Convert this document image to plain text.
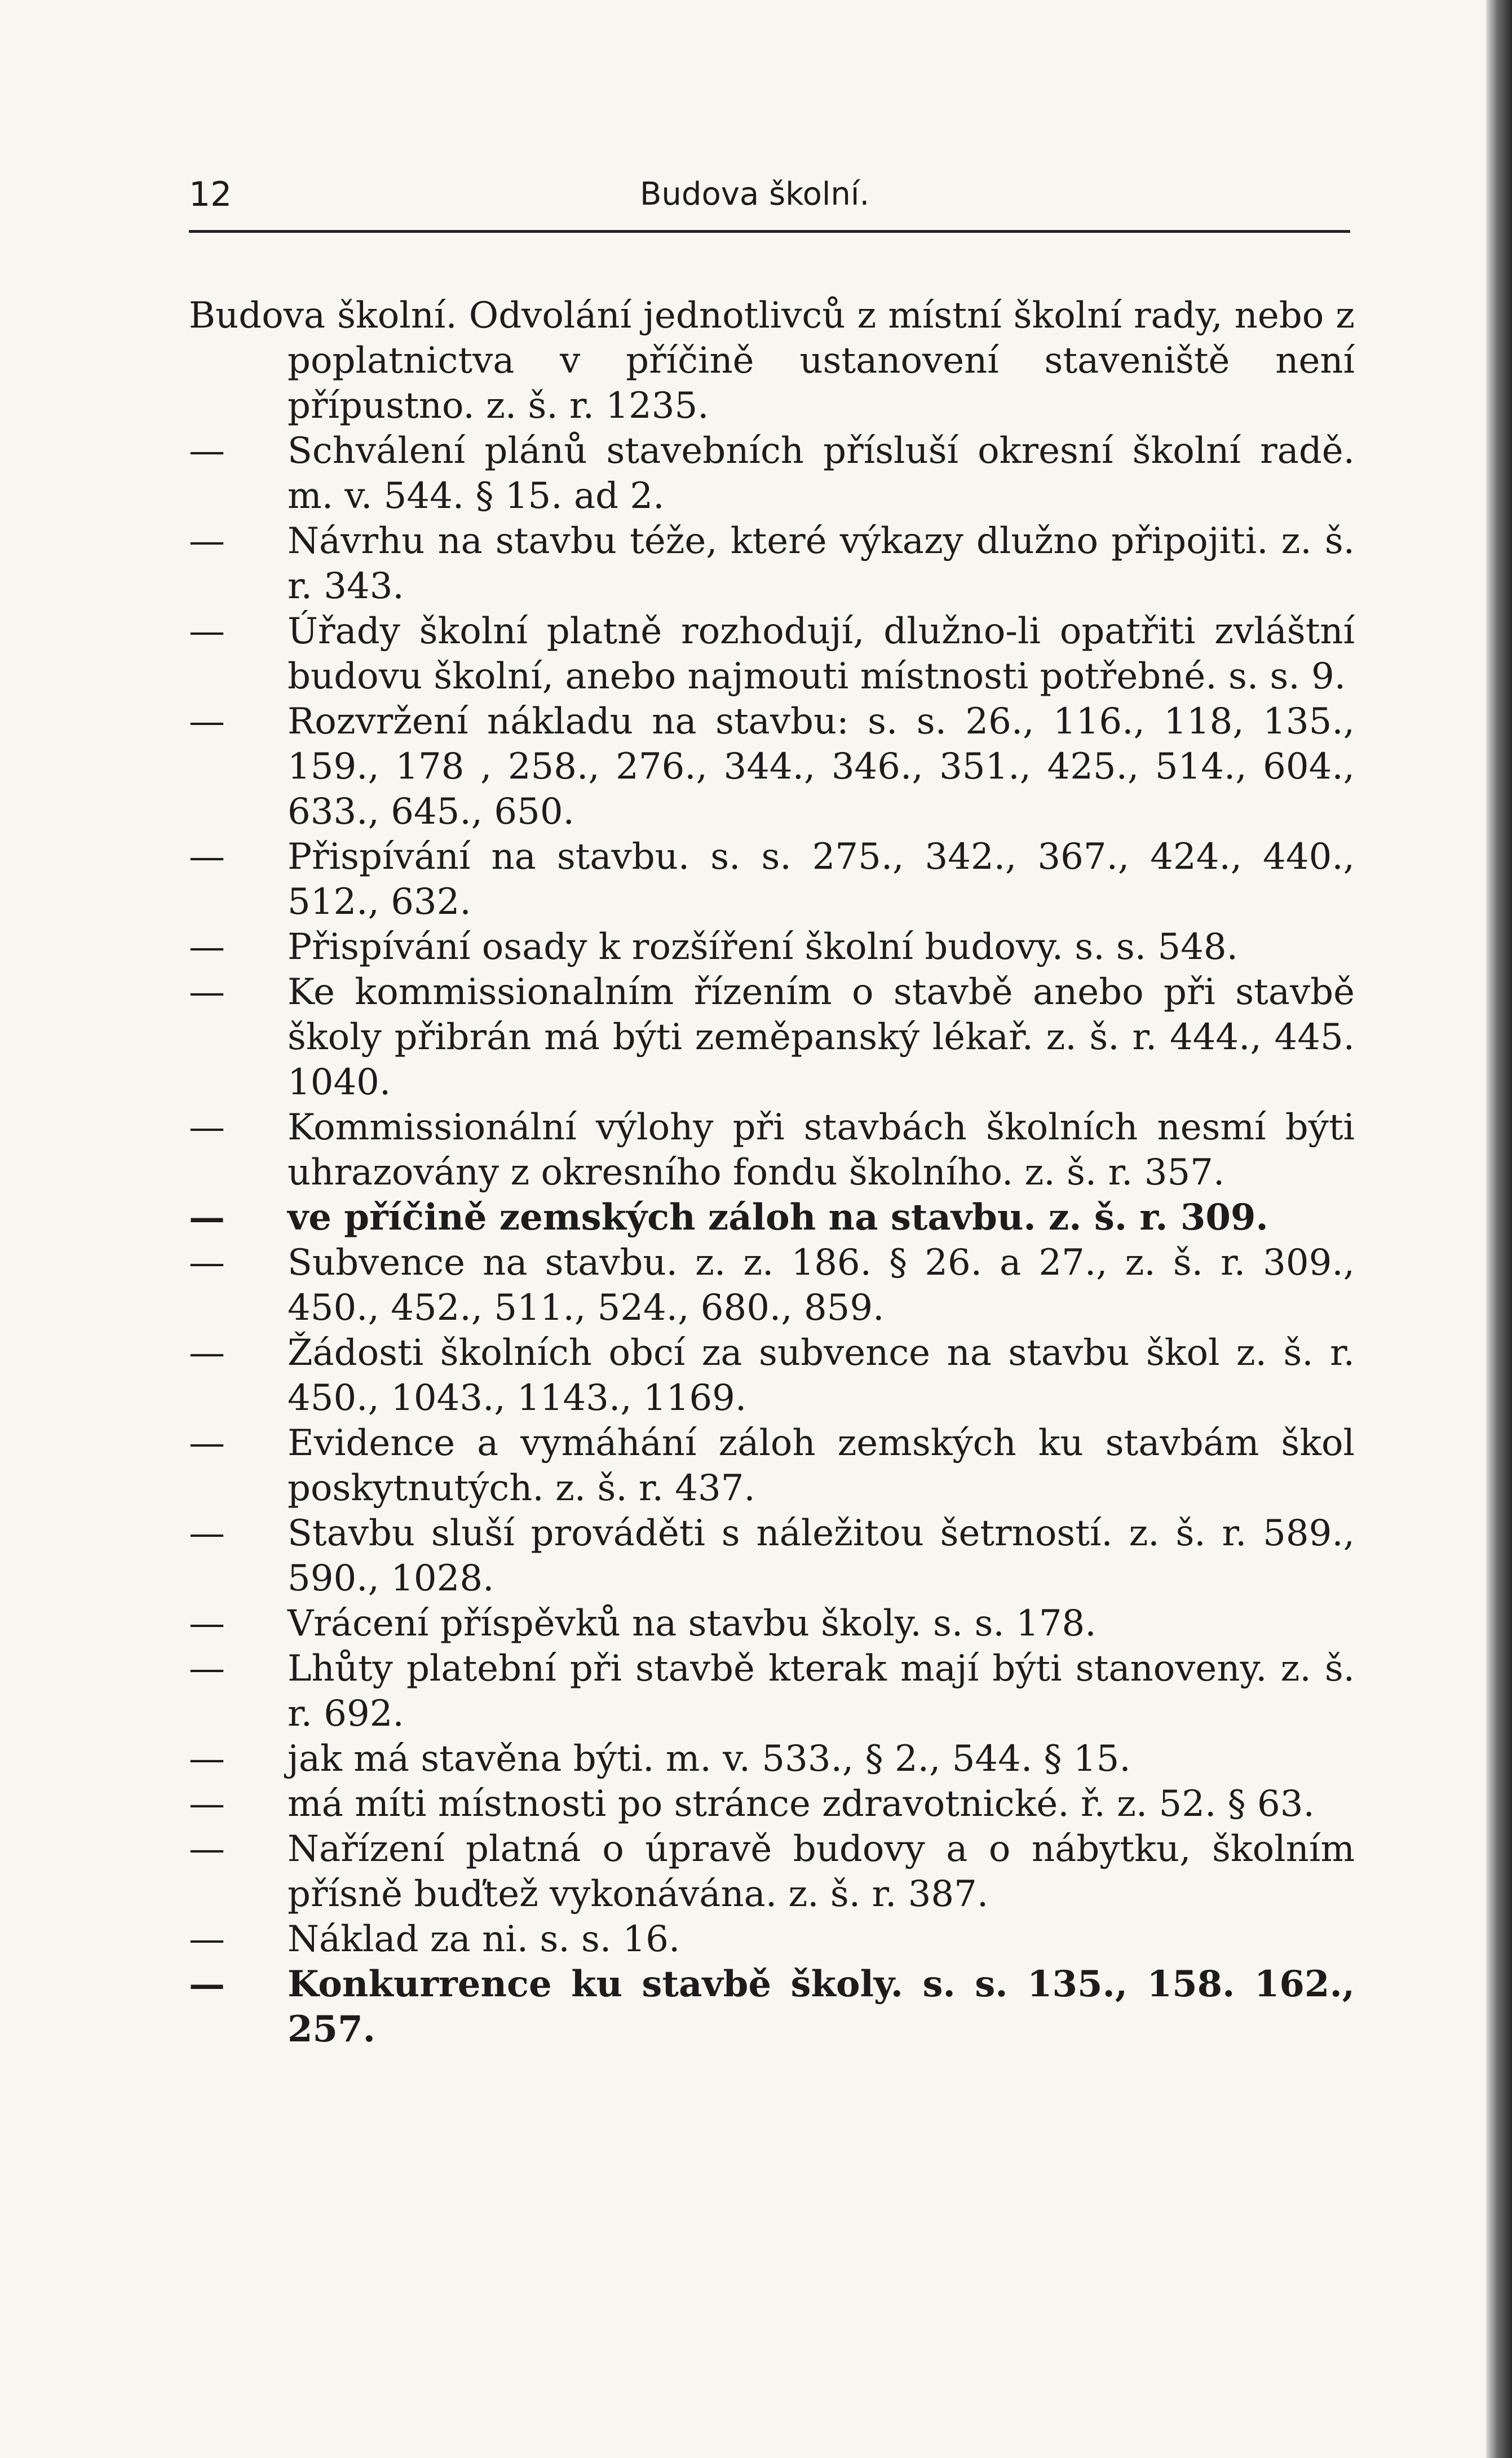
12	Budova školní.

Budova školní. Odvolání jednotlivců z místní školní rady, nebo z poplatnictva v příčině ustanovení staveniště není přípustno. z. š. r. 1235.

— Schválení plánů stavebních přísluší okresní školní radě. m. v. 544. § 15. ad 2.

— Návrhu na stavbu téže, které výkazy dlužno připojiti. z. š. r. 343.

— Úřady školní platně rozhodují, dlužno-li opatřiti zvláštní budovu školní, anebo najmouti místnosti potřebné. s. s. 9.

— Rozvržení nákladu na stavbu: s. s. 26., 116., 118, 135., 159., 178 , 258., 276., 344., 346., 351., 425., 514., 604., 633., 645., 650.

— Přispívání na stavbu. s. s. 275., 342., 367., 424., 440., 512., 632.

— Přispívání osady k rozšíření školní budovy. s. s. 548.

— Ke kommissionalním řízením o stavbě anebo při stavbě školy přibrán má býti zeměpanský lékař. z. š. r. 444., 445. 1040.

— Kommissionální výlohy při stavbách školních nesmí býti uhrazovány z okresního fondu školního. z. š. r. 357.

— ve příčině zemských záloh na stavbu. z. š. r. 309.

— Subvence na stavbu. z. z. 186. § 26. a 27., z. š. r. 309., 450., 452., 511., 524., 680., 859.

— Žádosti školních obcí za subvence na stavbu škol z. š. r. 450., 1043., 1143., 1169.

— Evidence a vymáhání záloh zemských ku stavbám škol poskytnutých. z. š. r. 437.

— Stavbu sluší prováděti s náležitou šetrností. z. š. r. 589., 590., 1028.

— Vrácení příspěvků na stavbu školy. s. s. 178.

— Lhůty platební při stavbě kterak mají býti stanoveny. z. š. r. 692.

— jak má stavěna býti. m. v. 533., § 2., 544. § 15.

— má míti místnosti po stránce zdravotnické. ř. z. 52. § 63.

— Nařízení platná o úpravě budovy a o nábytku, školním přísně buďtež vykonávána. z. š. r. 387.

— Náklad za ni. s. s. 16.

— Konkurrence ku stavbě školy. s. s. 135., 158. 162., 257.
